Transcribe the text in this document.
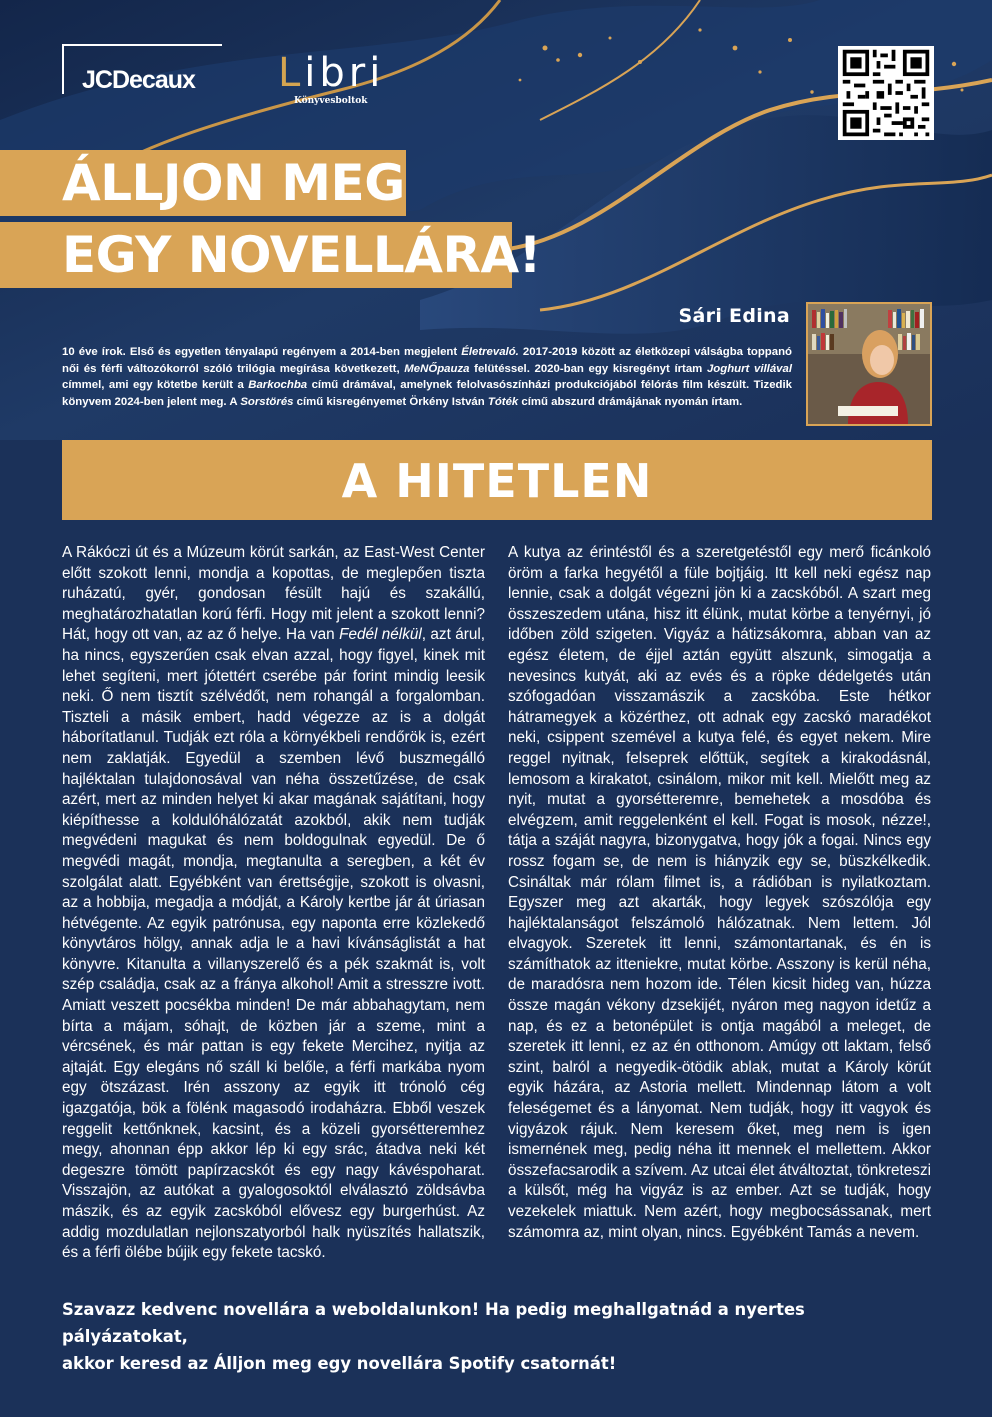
JCDecaux Libri
Könyvesboltok
ÁLLJON MEG
EGY NOVELLÁRA!
Sári Edina
10 éve írok. Első és egyetlen tényalapú regényem a 2014-ben megjelent Életrevaló. 2017-2019 között az életközepi válságba toppanó női és férfi változókorról szóló trilógia megírása következett, MeNŐpauza felütéssel. 2020-ban egy kisregényt írtam Joghurt villával címmel, ami egy kötetbe került a Barkochba című drámával, amelynek felolvasószínházi produkciójából félórás film készült. Tizedik könyvem 2024-ben jelent meg. A Sorstörés című kisregényemet Örkény István Tóték című abszurd drámájának nyomán írtam.
A HITETLEN
A Rákóczi út és a Múzeum körút sarkán, az East-West Center előtt szokott lenni, mondja a kopottas, de meglepően tiszta ruházatú, gyér, gondosan fésült hajú és szakállú, meghatározhatatlan korú férfi. Hogy mit jelent a szokott lenni? Hát, hogy ott van, az az ő helye. Ha van Fedél nélkül, azt árul, ha nincs, egyszerűen csak elvan azzal, hogy figyel, kinek mit lehet segíteni, mert jótettért cserébe pár forint mindig leesik neki. Ő nem tisztít szélvédőt, nem rohangál a forgalomban. Tiszteli a másik embert, hadd végezze az is a dolgát háborítatlanul. Tudják ezt róla a környékbeli rendőrök is, ezért nem zaklatják. Egyedül a szemben lévő buszmegálló hajléktalan tulajdonosával van néha összetűzése, de csak azért, mert az minden helyet ki akar magának sajátítani, hogy kiépíthesse a koldulóhálózatát azokból, akik nem tudják megvédeni magukat és nem boldogulnak egyedül. De ő megvédi magát, mondja, megtanulta a seregben, a két év szolgálat alatt. Egyébként van érettségije, szokott is olvasni, az a hobbija, megadja a módját, a Károly kertbe jár át úriasan hétvégente. Az egyik patrónusa, egy naponta erre közlekedő könyvtáros hölgy, annak adja le a havi kívánságlistát a hat könyvre. Kitanulta a villanyszerelő és a pék szakmát is, volt szép családja, csak az a fránya alkohol! Amit a stresszre ivott. Amiatt veszett pocsékba minden! De már abbahagytam, nem bírta a májam, sóhajt, de közben jár a szeme, mint a vércsének, és már pattan is egy fekete Mercihez, nyitja az ajtaját. Egy elegáns nő száll ki belőle, a férfi markába nyom egy ötszázast. Irén asszony az egyik itt trónoló cég igazgatója, bök a fölénk magasodó irodaházra. Ebből veszek reggelit kettőnknek, kacsint, és a közeli gyorsétteremhez megy, ahonnan épp akkor lép ki egy srác, átadva neki két degeszre tömött papírzacskót és egy nagy kávéspoharat. Visszajön, az autókat a gyalogosoktól elválasztó zöldsávba mászik, és az egyik zacskóból elővesz egy burgerhúst. Az addig mozdulatlan nejlonszatyorból halk nyüszítés hallatszik, és a férfi ölébe bújik egy fekete tacskó.
A kutya az érintéstől és a szeretgetéstől egy merő ficánkoló öröm a farka hegyétől a füle bojtjáig. Itt kell neki egész nap lennie, csak a dolgát végezni jön ki a zacskóból. A szart meg összeszedem utána, hisz itt élünk, mutat körbe a tenyérnyi, jó időben zöld szigeten. Vigyáz a hátizsákomra, abban van az egész életem, de éjjel aztán együtt alszunk, simogatja a nevesincs kutyát, aki az evés és a röpke dédelgetés után szófogadóan visszamászik a zacskóba. Este hétkor hátramegyek a közérthez, ott adnak egy zacskó maradékot neki, csippent szemével a kutya felé, és egyet nekem. Mire reggel nyitnak, felseprek előttük, segítek a kirakodásnál, lemosom a kirakatot, csinálom, mikor mit kell. Mielőtt meg az nyit, mutat a gyorsétteremre, bemehetek a mosdóba és elvégzem, amit reggelenként el kell. Fogat is mosok, nézze!, tátja a száját nagyra, bizonygatva, hogy jók a fogai. Nincs egy rossz fogam se, de nem is hiányzik egy se, büszkélkedik. Csináltak már rólam filmet is, a rádióban is nyilatkoztam. Egyszer meg azt akarták, hogy legyek szószólója egy hajléktalanságot felszámoló hálózatnak. Nem lettem. Jól elvagyok. Szeretek itt lenni, számontartanak, és én is számíthatok az itteniekre, mutat körbe. Asszony is kerül néha, de maradósra nem hozom ide. Télen kicsit hideg van, húzza össze magán vékony dzsekijét, nyáron meg nagyon idetűz a nap, és ez a betonépület is ontja magából a meleget, de szeretek itt lenni, ez az én otthonom. Amúgy ott laktam, felső szint, balról a negyedik-ötödik ablak, mutat a Károly körút egyik házára, az Astoria mellett. Mindennap látom a volt feleségemet és a lányomat. Nem tudják, hogy itt vagyok és vigyázok rájuk. Nem keresem őket, meg nem is igen ismernének meg, pedig néha itt mennek el mellettem. Akkor összefacsarodik a szívem. Az utcai élet átváltoztat, tönkreteszi a külsőt, még ha vigyáz is az ember. Azt se tudják, hogy vezekelek miattuk. Nem azért, hogy megbocsássanak, mert számomra az, mint olyan, nincs. Egyébként Tamás a nevem.
Szavazz kedvenc novellára a weboldalunkon! Ha pedig meghallgatnád a nyertes pályázatokat,
akkor keresd az Álljon meg egy novellára Spotify csatornát!
